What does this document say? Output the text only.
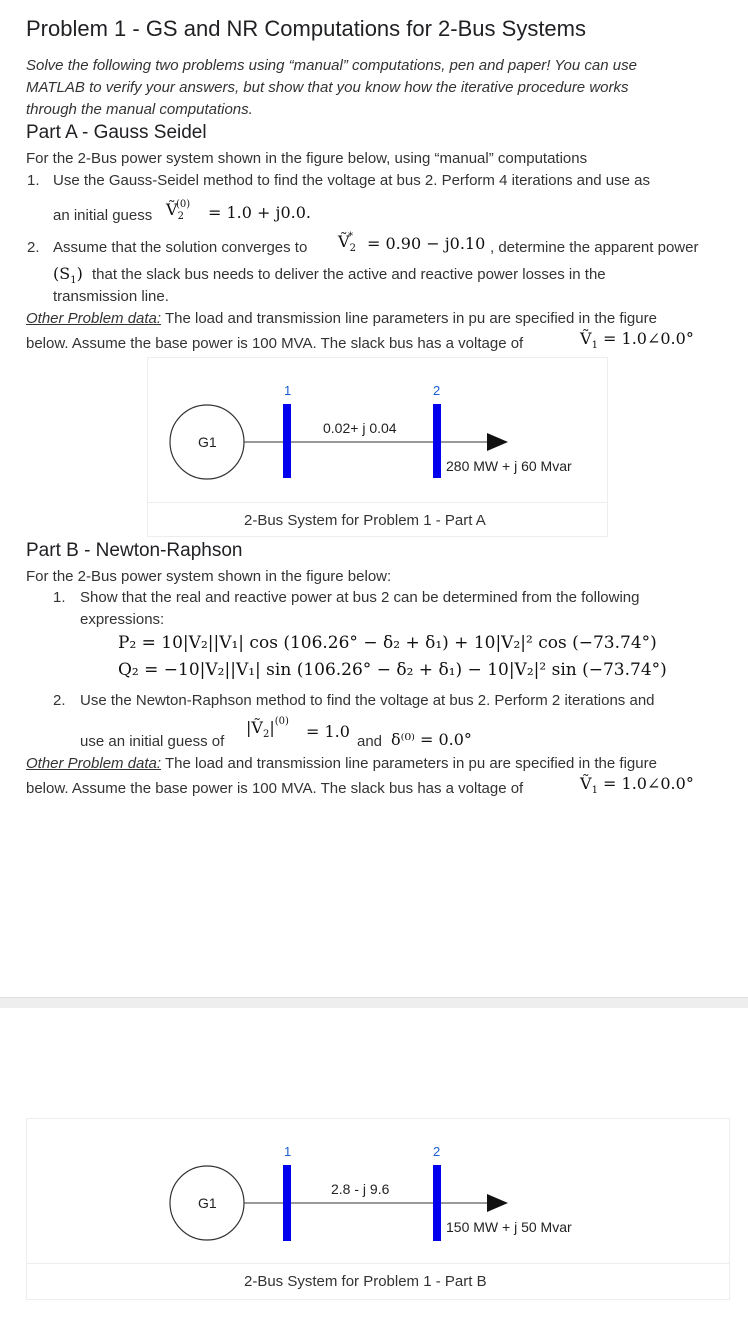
Problem 1 - GS and NR Computations for 2-Bus Systems
Solve the following two problems using “manual” computations, pen and paper! You can use
MATLAB to verify your answers, but show that you know how the iterative procedure works
through the manual computations.
Part A - Gauss Seidel
For the 2-Bus power system shown in the figure below, using “manual” computations
1. Use the Gauss-Seidel method to find the voltage at bus 2. Perform 4 iterations and use as
an initial guess Ṽ$_2^{(0)}$	= 1.0 + j0.0.
2. Assume that the solution converges to Ṽ$_2$* = 0.90 − j0.10 , determine the apparent power
$(S_1)$ that the slack bus needs to deliver the active and reactive power losses in the
transmission line.
Other Problem data: The load and transmission line parameters in pu are specified in the figure
below. Assume the base power is 100 MVA. The slack bus has a voltage of	Ṽ$_1$ = 1.0∠0.0°
1	2
G1
0.02+ j 0.04
280 MW + j 60 Mvar
2-Bus System for Problem 1 - Part A
Part B - Newton-Raphson
For the 2-Bus power system shown in the figure below:
1. Show that the real and reactive power at bus 2 can be determined from the following
expressions:
P₂ = 10|V₂||V₁| cos (106.26° − δ₂ + δ₁) + 10|V₂|² cos (−73.74°)
Q₂ = −10|V₂||V₁| sin (106.26° − δ₂ + δ₁) − 10|V₂|² sin (−73.74°)
2. Use the Newton-Raphson method to find the voltage at bus 2. Perform 2 iterations and
use an initial guess of
$|Ṽ_2|^{(0)}$
= 1.0
and δ⁽⁰⁾ = 0.0°
Other Problem data: The load and transmission line parameters in pu are specified in the figure
below. Assume the base power is 100 MVA. The slack bus has a voltage of	Ṽ$_1$ = 1.0∠0.0°
1	2
G1
2.8 - j 9.6
150 MW + j 50 Mvar
2-Bus System for Problem 1 - Part B
